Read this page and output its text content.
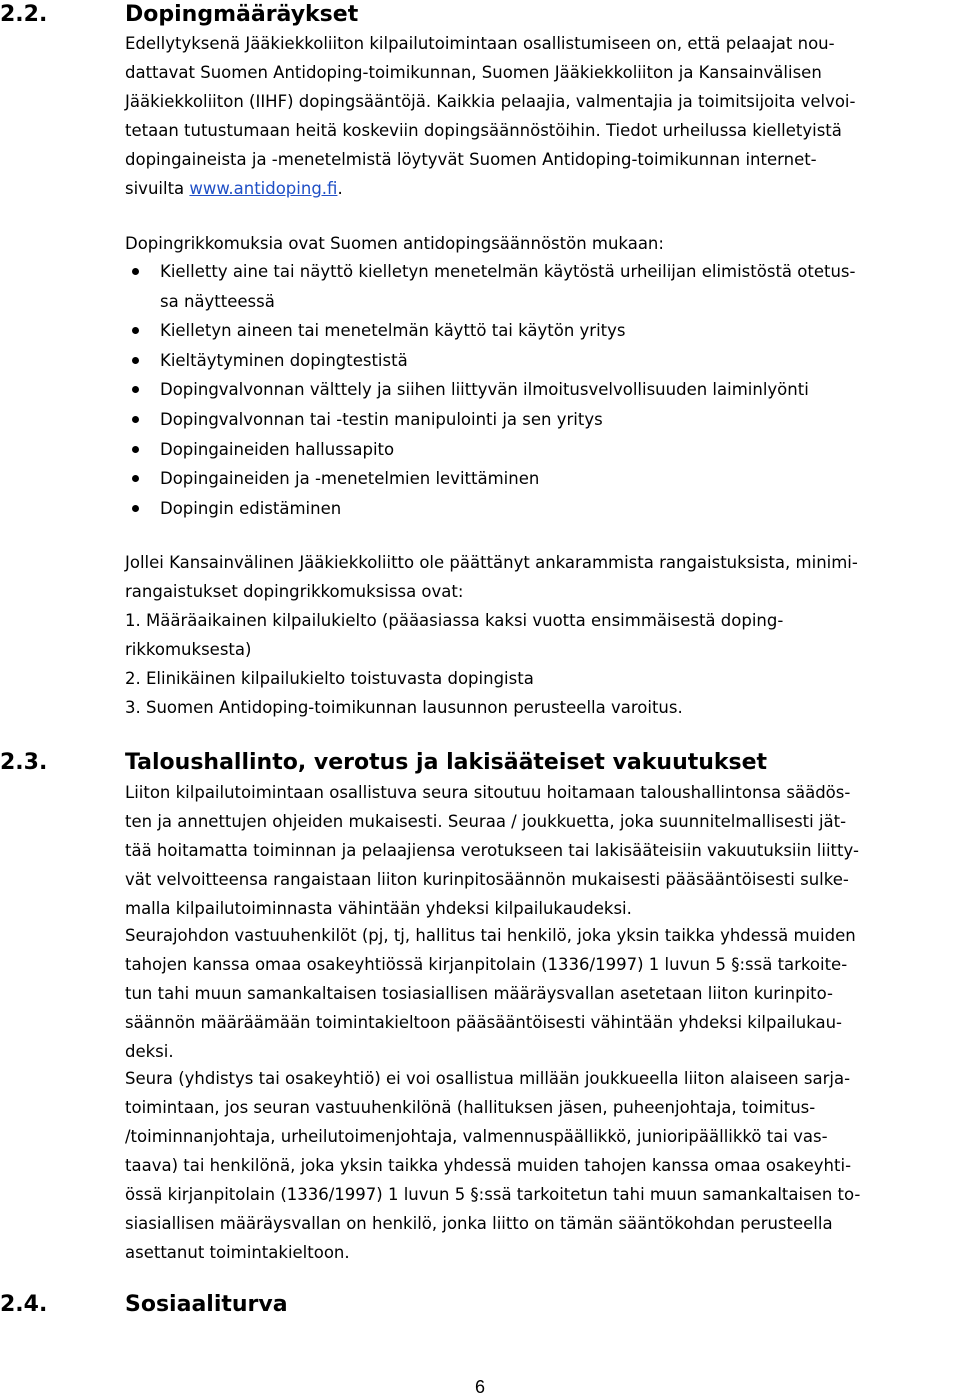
2.2.	Dopingmääräykset
Edellytyksenä Jääkiekkoliiton kilpailutoimintaan osallistumiseen on, että pelaajat nou-
dattavat Suomen Antidoping-toimikunnan, Suomen Jääkiekkoliiton ja Kansainvälisen
Jääkiekkoliiton (IIHF) dopingsääntöjä. Kaikkia pelaajia, valmentajia ja toimitsijoita velvoi-
tetaan tutustumaan heitä koskeviin dopingsäännöstöihin. Tiedot urheilussa kielletyistä
dopingaineista ja -menetelmistä löytyvät Suomen Antidoping-toimikunnan internet-
sivuilta www.antidoping.fi.
Dopingrikkomuksia ovat Suomen antidopingsäännöstön mukaan:
Kielletty aine tai näyttö kielletyn menetelmän käytöstä urheilijan elimistöstä otetus-
sa näytteessä
Kielletyn aineen tai menetelmän käyttö tai käytön yritys
Kieltäytyminen dopingtestistä
Dopingvalvonnan välttely ja siihen liittyvän ilmoitusvelvollisuuden laiminlyönti
Dopingvalvonnan tai -testin manipulointi ja sen yritys
Dopingaineiden hallussapito
Dopingaineiden ja -menetelmien levittäminen
Dopingin edistäminen
Jollei Kansainvälinen Jääkiekkoliitto ole päättänyt ankarammista rangaistuksista, minimi-
rangaistukset dopingrikkomuksissa ovat:
1. Määräaikainen kilpailukielto (pääasiassa kaksi vuotta ensimmäisestä doping-
rikkomuksesta)
2. Elinikäinen kilpailukielto toistuvasta dopingista
3. Suomen Antidoping-toimikunnan lausunnon perusteella varoitus.
2.3.	Taloushallinto, verotus ja lakisääteiset vakuutukset
Liiton kilpailutoimintaan osallistuva seura sitoutuu hoitamaan taloushallintonsa säädös-
ten ja annettujen ohjeiden mukaisesti. Seuraa / joukkuetta, joka suunnitelmallisesti jät-
tää hoitamatta toiminnan ja pelaajiensa verotukseen tai lakisääteisiin vakuutuksiin liitty-
vät velvoitteensa rangaistaan liiton kurinpitosäännön mukaisesti pääsääntöisesti sulke-
malla kilpailutoiminnasta vähintään yhdeksi kilpailukaudeksi.
Seurajohdon vastuuhenkilöt (pj, tj, hallitus tai henkilö, joka yksin taikka yhdessä muiden
tahojen kanssa omaa osakeyhtiössä kirjanpitolain (1336/1997) 1 luvun 5 §:ssä tarkoite-
tun tahi muun samankaltaisen tosiasiallisen määräysvallan asetetaan liiton kurinpito-
säännön määräämään toimintakieltoon pääsääntöisesti vähintään yhdeksi kilpailukau-
deksi.
Seura (yhdistys tai osakeyhtiö) ei voi osallistua millään joukkueella liiton alaiseen sarja-
toimintaan, jos seuran vastuuhenkilönä (hallituksen jäsen, puheenjohtaja, toimitus-
/toiminnanjohtaja, urheilutoimenjohtaja, valmennuspäällikkö, junioripäällikkö tai vas-
taava) tai henkilönä, joka yksin taikka yhdessä muiden tahojen kanssa omaa osakeyhti-
össä kirjanpitolain (1336/1997) 1 luvun 5 §:ssä tarkoitetun tahi muun samankaltaisen to-
siasiallisen määräysvallan on henkilö, jonka liitto on tämän sääntökohdan perusteella
asettanut toimintakieltoon.
2.4.	Sosiaaliturva
6
